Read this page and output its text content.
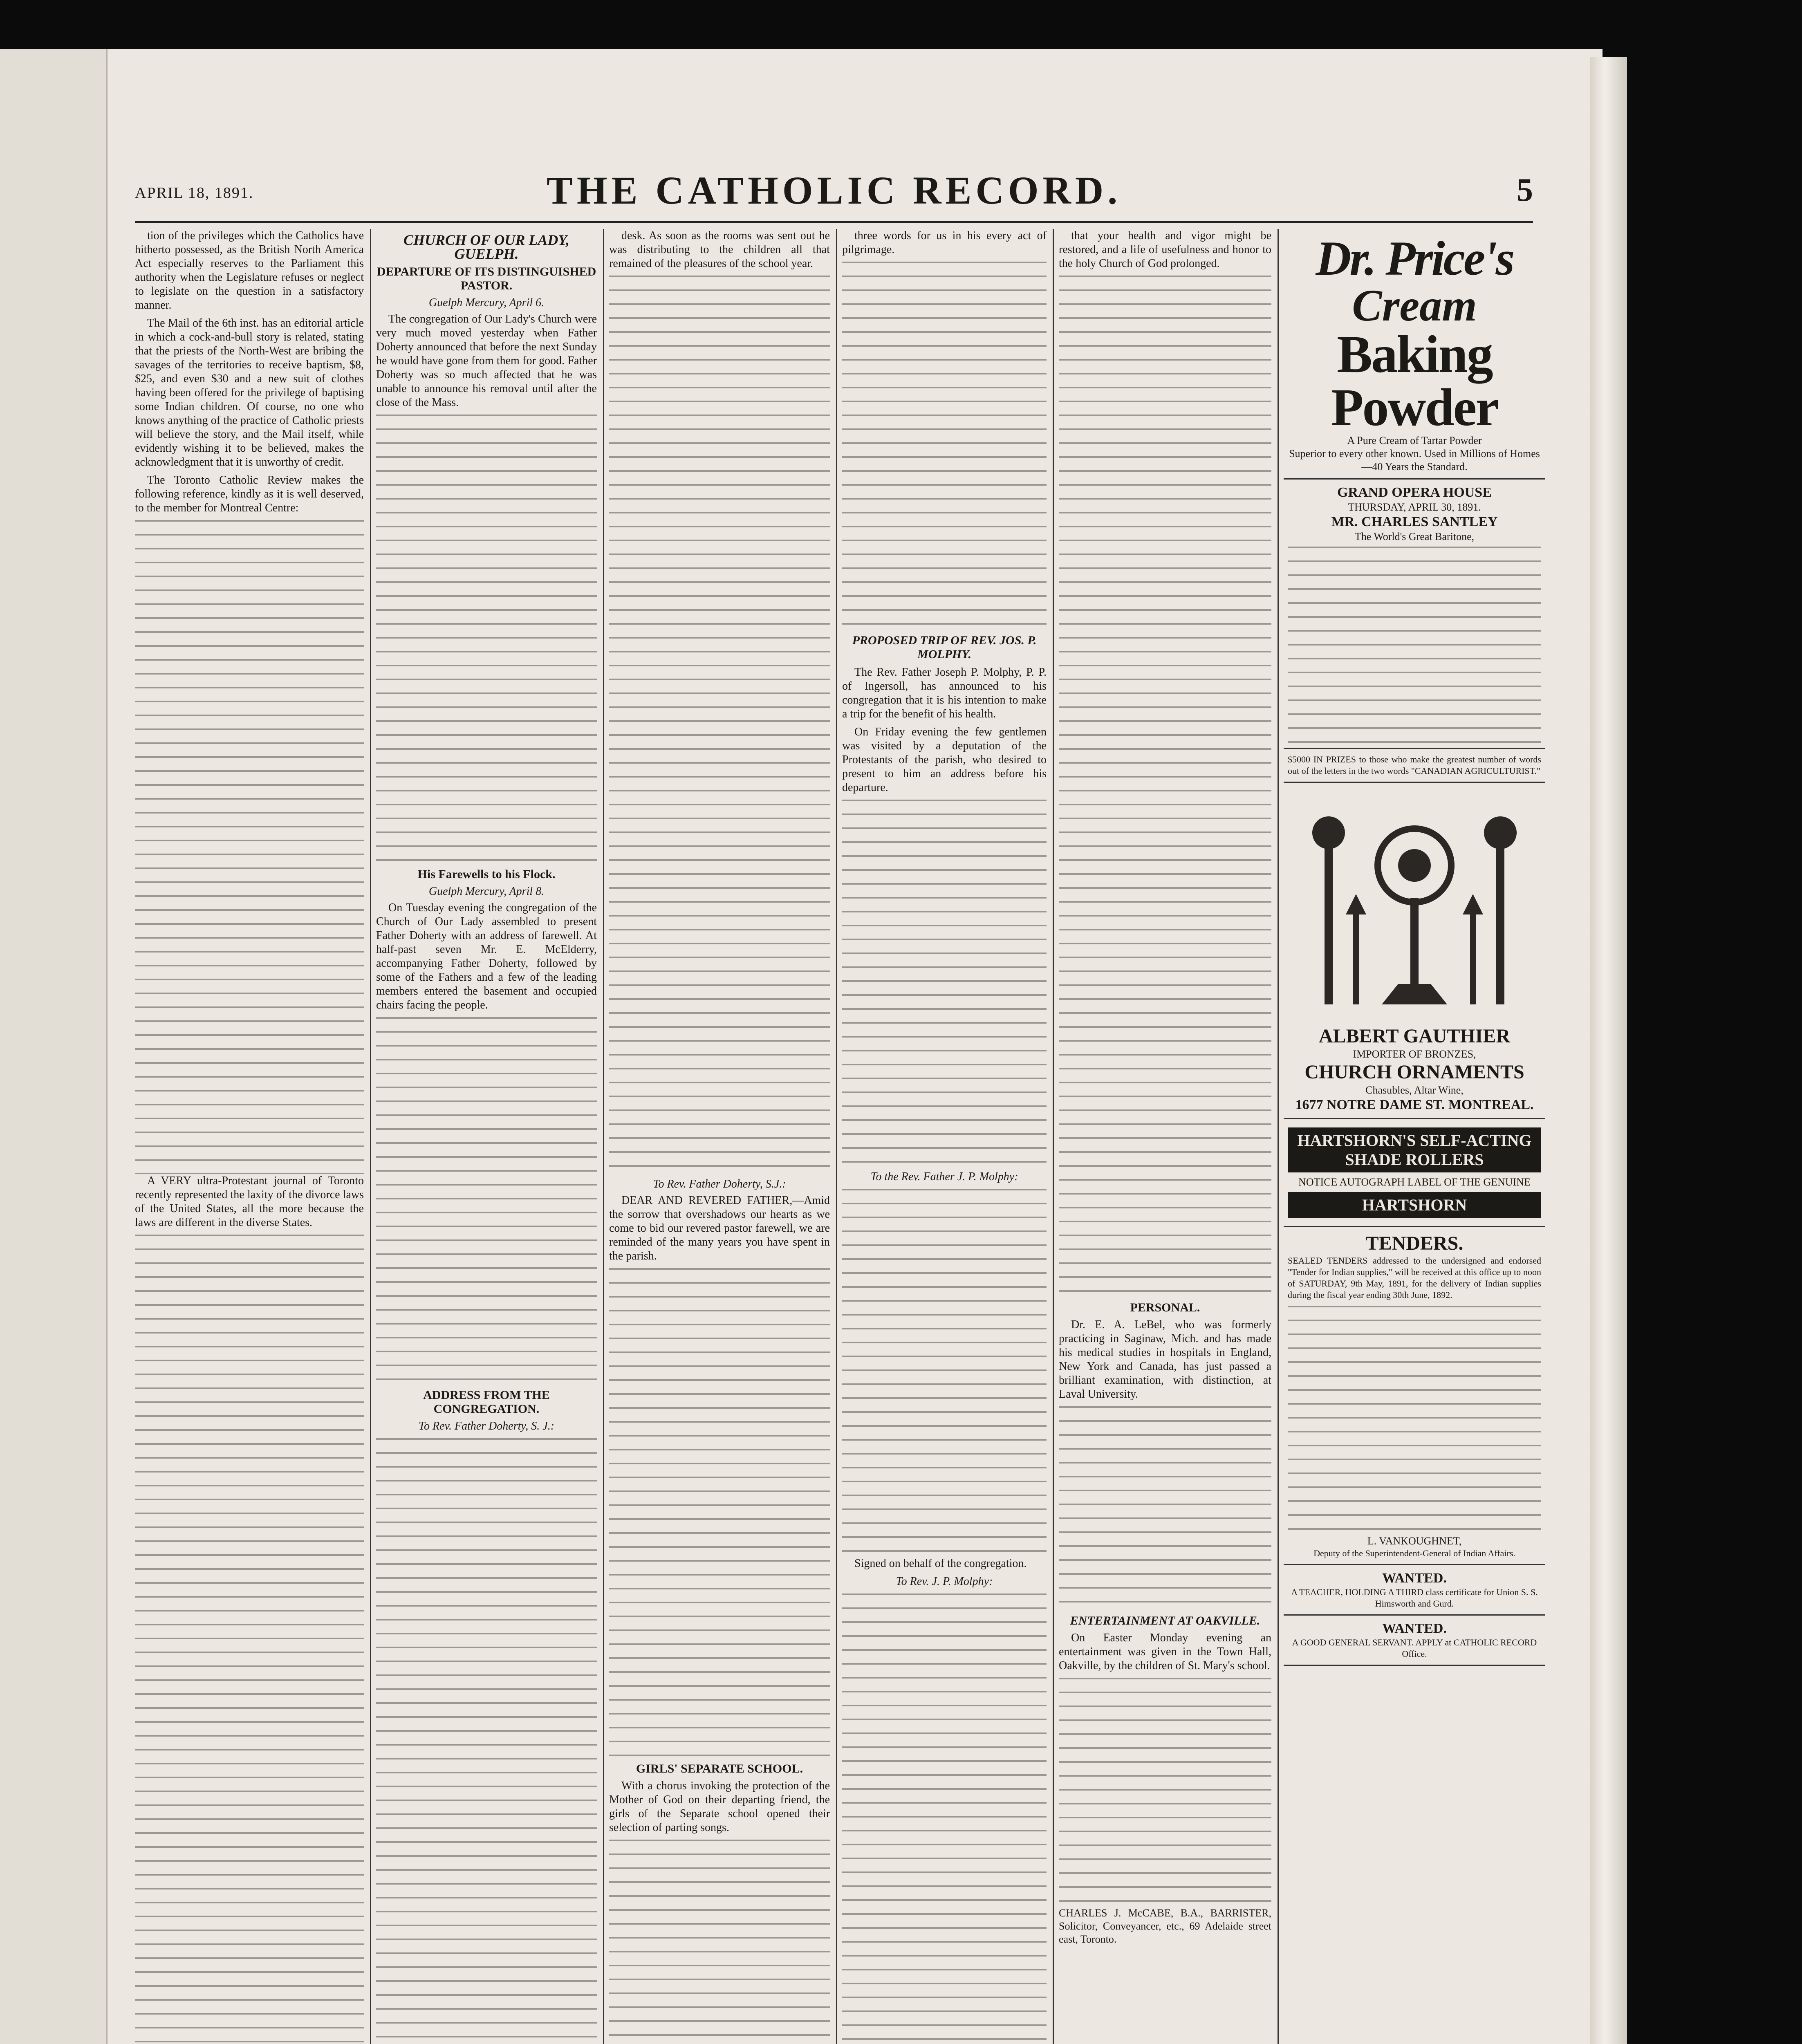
APRIL 18, 1891.	THE CATHOLIC RECORD.	5

tion of the privileges which the Catholics have hitherto possessed, as the British North America Act especially reserves to the Parliament this authority when the Legislature refuses or neglect to legislate on the question in a satisfactory manner.

The Mail of the 6th inst. has an editorial article in which a cock-and-bull story is related, stating that the priests of the North-West are bribing the savages of the territories to receive baptism, $8, $25, and even $30 and a new suit of clothes having been offered for the privilege of baptising some Indian children. Of course, no one who knows anything of the practice of Catholic priests will believe the story, and the Mail itself, while evidently wishing it to be believed, makes the acknowledgment that it is unworthy of credit.

The Toronto Catholic Review makes the following reference, kindly as it is well deserved, to the member for Montreal Centre:

A VERY ultra-Protestant journal of Toronto recently represented the laxity of the divorce laws of the United States, all the more because the laws are different in the diverse States.

CHURCH OF OUR LADY, GUELPH.
DEPARTURE OF ITS DISTINGUISHED PASTOR.
Guelph Mercury, April 6.

The congregation of Our Lady's Church were very much moved yesterday when Father Doherty announced that before the next Sunday he would have gone from them for good. Father Doherty was so much affected that he was unable to announce his removal until after the close of the Mass.

His Farewells to his Flock.
Guelph Mercury, April 8.

On Tuesday evening the congregation of the Church of Our Lady assembled to present Father Doherty with an address of farewell. At half-past seven Mr. E. McElderry, accompanying Father Doherty, followed by some of the Fathers and a few of the leading members entered the basement and occupied chairs facing the people.

ADDRESS FROM THE CONGREGATION.
To Rev. Father Doherty, S. J.:

desk. As soon as the rooms was sent out he was distributing to the children all that remained of the pleasures of the school year.

To Rev. Father Doherty, S.J.:

DEAR AND REVERED FATHER,—Amid the sorrow that overshadows our hearts as we come to bid our revered pastor farewell, we are reminded of the many years you have spent in the parish.

GIRLS' SEPARATE SCHOOL.

With a chorus invoking the protection of the Mother of God on their departing friend, the girls of the Separate school opened their selection of parting songs.

three words for us in his every act of pilgrimage.

PROPOSED TRIP OF REV. JOS. P. MOLPHY.

The Rev. Father Joseph P. Molphy, P. P. of Ingersoll, has announced to his congregation that it is his intention to make a trip for the benefit of his health.

On Friday evening the few gentlemen was visited by a deputation of the Protestants of the parish, who desired to present to him an address before his departure.

To the Rev. Father J. P. Molphy:

Signed on behalf of the congregation.

To Rev. J. P. Molphy:

that your health and vigor might be restored, and a life of usefulness and honor to the holy Church of God prolonged.

PERSONAL.

Dr. E. A. LeBel, who was formerly practicing in Saginaw, Mich. and has made his medical studies in hospitals in England, New York and Canada, has just passed a brilliant examination, with distinction, at Laval University.

ENTERTAINMENT AT OAKVILLE.

On Easter Monday evening an entertainment was given in the Town Hall, Oakville, by the children of St. Mary's school.

CHARLES J. McCABE, B.A., BARRISTER, Solicitor, Conveyancer, etc., 69 Adelaide street east, Toronto.

Dr. Price's
Cream
Baking Powder
A Pure Cream of Tartar Powder
Superior to every other known. Used in Millions of Homes—40 Years the Standard.
GRAND OPERA HOUSE
THURSDAY, APRIL 30, 1891.
MR. CHARLES SANTLEY
The World's Great Baritone,
$5000 IN PRIZES to those who make the greatest number of words out of the letters in the two words "CANADIAN AGRICULTURIST."
ALBERT GAUTHIER
IMPORTER OF BRONZES,
CHURCH ORNAMENTS
Chasubles, Altar Wine,
1677 NOTRE DAME ST. MONTREAL.
HARTSHORN'S SELF-ACTING SHADE ROLLERS
NOTICE AUTOGRAPH LABEL OF THE GENUINE
HARTSHORN
TENDERS.
SEALED TENDERS addressed to the undersigned and endorsed "Tender for Indian supplies," will be received at this office up to noon of SATURDAY, 9th May, 1891, for the delivery of Indian supplies during the fiscal year ending 30th June, 1892.
L. VANKOUGHNET,
Deputy of the Superintendent-General of Indian Affairs.
WANTED.
A TEACHER, HOLDING A THIRD class certificate for Union S. S. Himsworth and Gurd.
WANTED.
A GOOD GENERAL SERVANT. APPLY at CATHOLIC RECORD Office.
